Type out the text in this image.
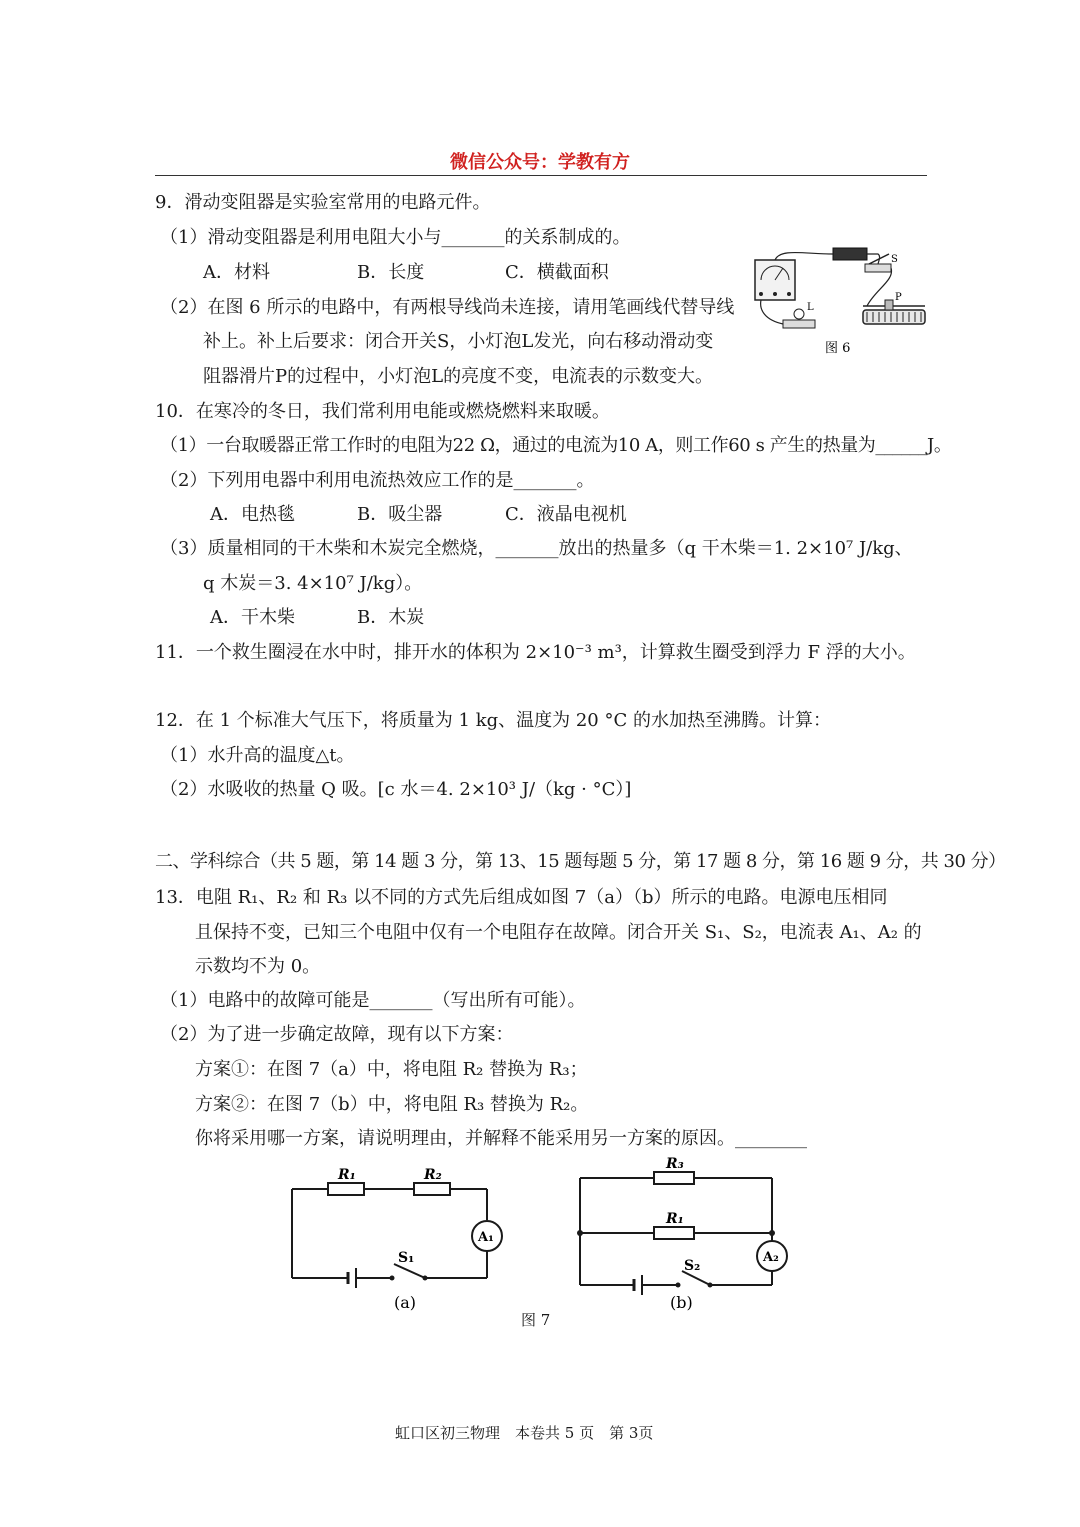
微信公众号：学教有方
9．滑动变阻器是实验室常用的电路元件。
（1）滑动变阻器是利用电阻大小与_______的关系制成的。
A．材料	B．长度	C．横截面积
（2）在图 6 所示的电路中，有两根导线尚未连接，请用笔画线代替导线
补上。补上后要求：闭合开关S，小灯泡L发光，向右移动滑动变
阻器滑片P的过程中，小灯泡L的亮度不变，电流表的示数变大。
S
P
L
图 6
10．在寒冷的冬日，我们常利用电能或燃烧燃料来取暖。
（1）一台取暖器正常工作时的电阻为22 Ω，通过的电流为10 A，则工作60 s 产生的热量为______J。
（2）下列用电器中利用电流热效应工作的是_______。
A．电热毯	B．吸尘器	C．液晶电视机
（3）质量相同的干木柴和木炭完全燃烧，_______放出的热量多（q 干木柴＝1. 2×10⁷ J/kg、
q 木炭＝3. 4×10⁷ J/kg）。
A．干木柴	B．木炭
11．一个救生圈浸在水中时，排开水的体积为 2×10⁻³ m³，计算救生圈受到浮力 F 浮的大小。
12．在 1 个标准大气压下，将质量为 1 kg、温度为 20 °C 的水加热至沸腾。计算：
（1）水升高的温度△t。
（2）水吸收的热量 Q 吸。[c 水＝4. 2×10³ J/（kg · °C）]
二、学科综合（共 5 题，第 14 题 3 分，第 13、15 题每题 5 分，第 17 题 8 分，第 16 题 9 分，共 30 分）
13．电阻 R₁、R₂ 和 R₃ 以不同的方式先后组成如图 7（a）（b）所示的电路。电源电压相同
且保持不变，已知三个电阻中仅有一个电阻存在故障。闭合开关 S₁、S₂，电流表 A₁、A₂ 的
示数均不为 0。
（1）电路中的故障可能是_______（写出所有可能）。
（2）为了进一步确定故障，现有以下方案：
方案①：在图 7（a）中，将电阻 R₂ 替换为 R₃；
方案②：在图 7（b）中，将电阻 R₃ 替换为 R₂。
你将采用哪一方案，请说明理由，并解释不能采用另一方案的原因。________
R₁	R₂
A₁
S₁
(a)
R₃
R₁
A₂
S₂
(b)
图 7
虹口区初三物理　本卷共 5 页　第 3页
